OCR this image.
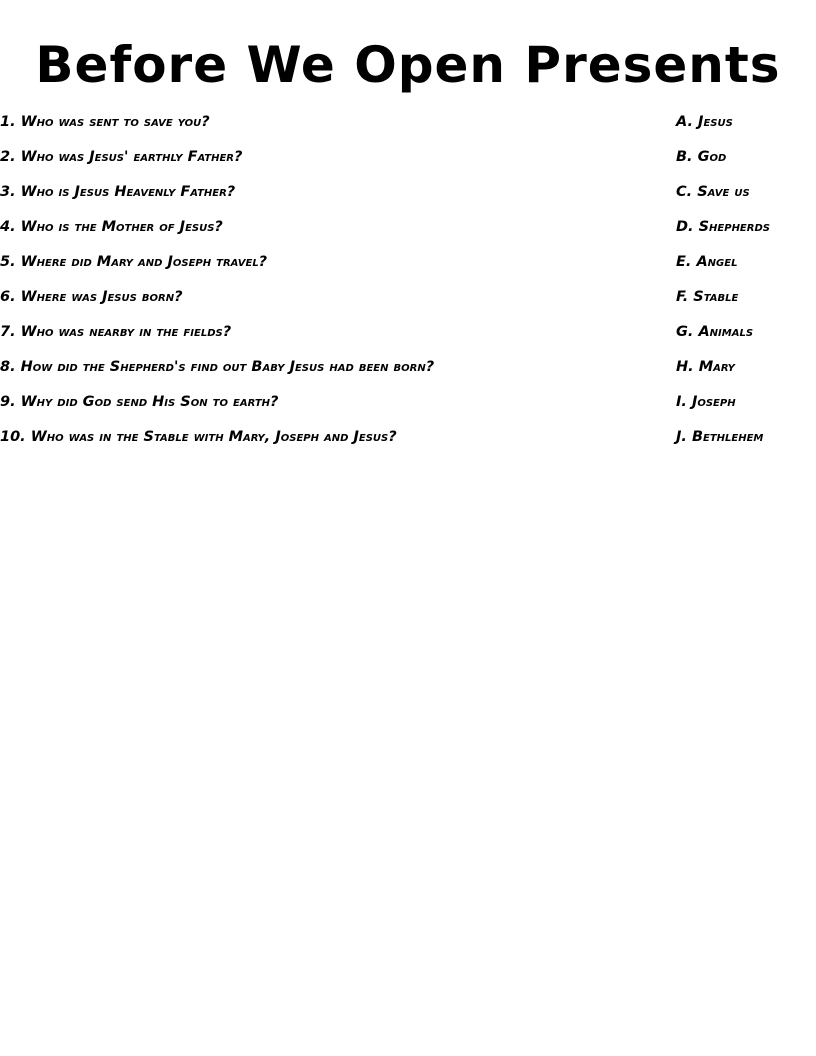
Before We Open Presents
1. Who was sent to save you?
2. Who was Jesus' earthly Father?
3. Who is Jesus Heavenly Father?
4. Who is the Mother of Jesus?
5. Where did Mary and Joseph travel?
6. Where was Jesus born?
7. Who was nearby in the fields?
8. How did the Shepherd's find out Baby Jesus had been born?
9. Why did God send His Son to earth?
10. Who was in the Stable with Mary, Joseph and Jesus?
A. Jesus
B. God
C. Save us
D. Shepherds
E. Angel
F. Stable
G. Animals
H. Mary
I. Joseph
J. Bethlehem
